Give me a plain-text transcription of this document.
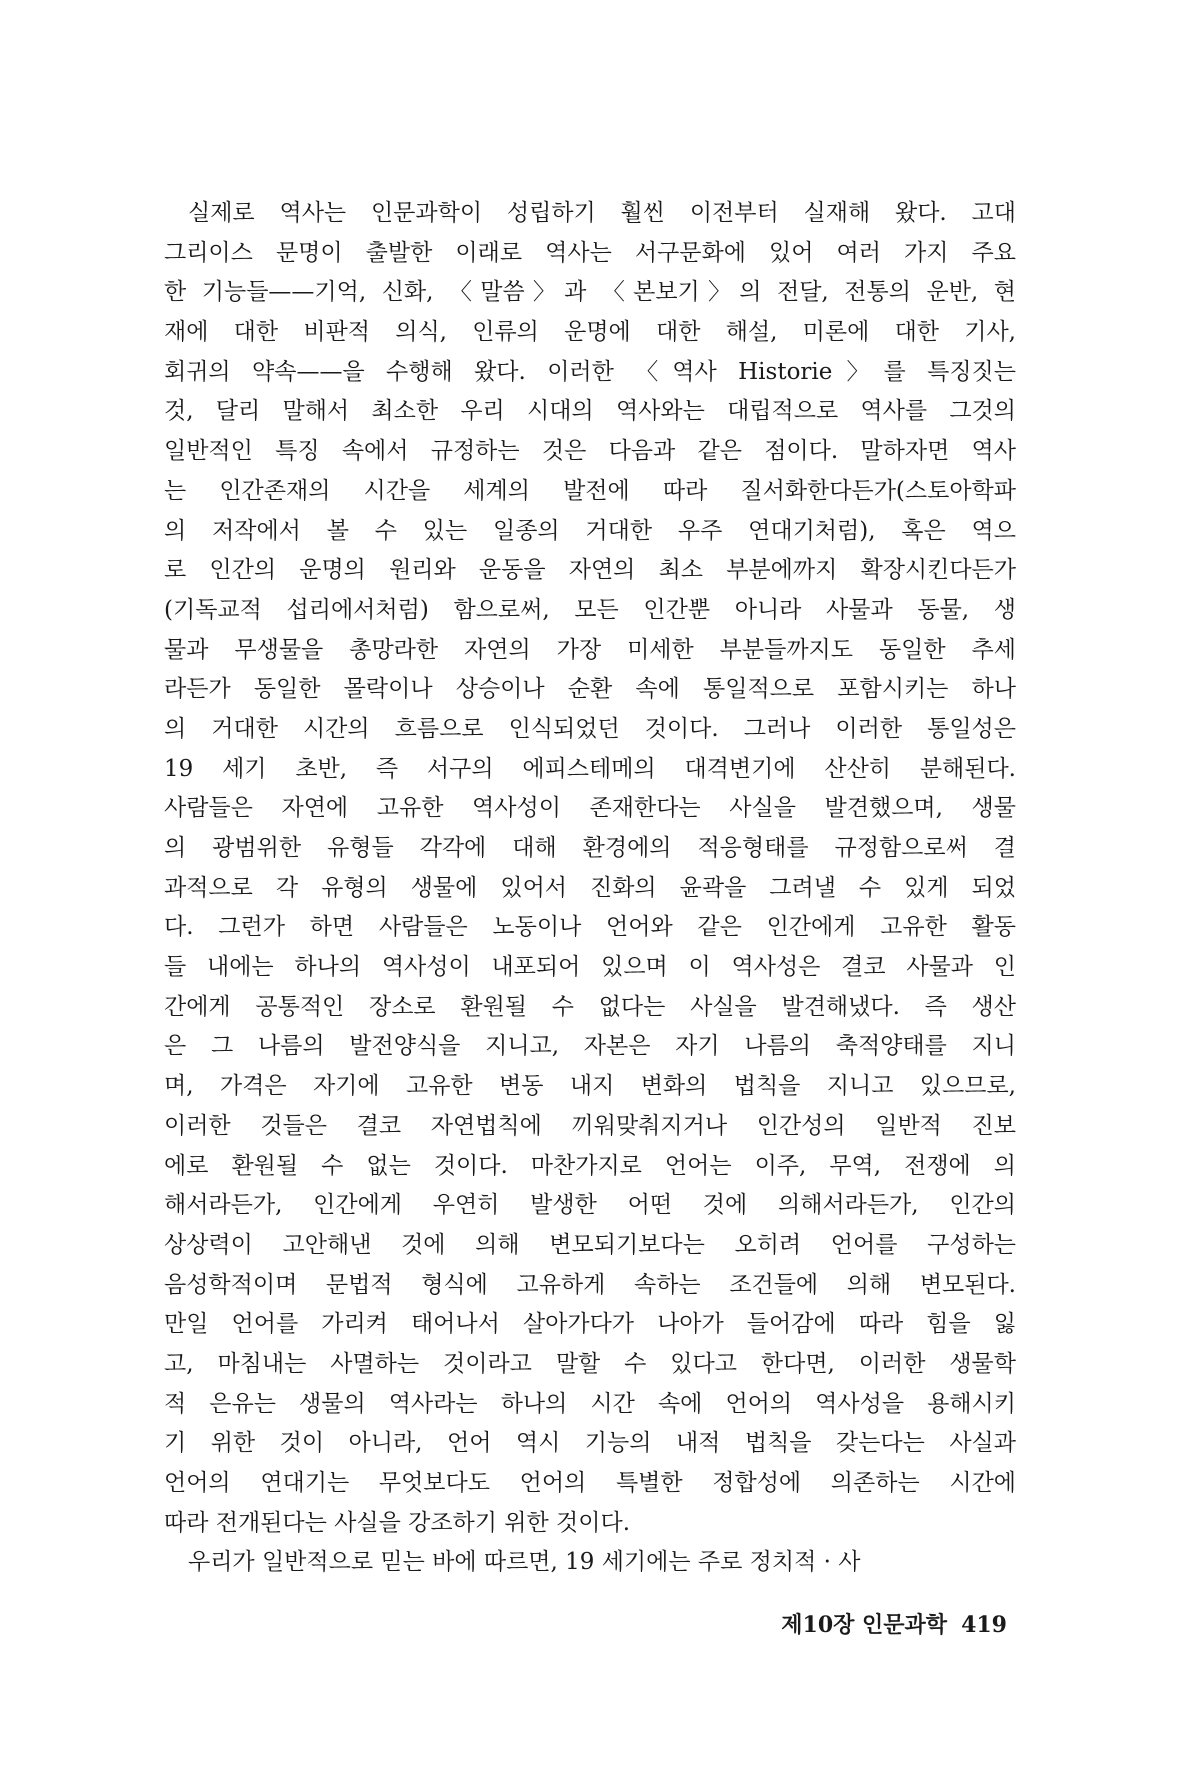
실제로 역사는 인문과학이 성립하기 훨씬 이전부터 실재해 왔다. 고대
그리이스 문명이 출발한 이래로 역사는 서구문화에 있어 여러 가지 주요
한 기능들——기억, 신화, 〈말씀〉과 〈본보기〉의 전달, 전통의 운반, 현
재에 대한 비판적 의식, 인류의 운명에 대한 해설, 미론에 대한 기사,
회귀의 약속——을 수행해 왔다. 이러한 〈역사 Historie〉를 특징짓는
것, 달리 말해서 최소한 우리 시대의 역사와는 대립적으로 역사를 그것의
일반적인 특징 속에서 규정하는 것은 다음과 같은 점이다. 말하자면 역사
는 인간존재의 시간을 세계의 발전에 따라 질서화한다든가(스토아학파
의 저작에서 볼 수 있는 일종의 거대한 우주 연대기처럼), 혹은 역으
로 인간의 운명의 원리와 운동을 자연의 최소 부분에까지 확장시킨다든가
(기독교적 섭리에서처럼) 함으로써, 모든 인간뿐 아니라 사물과 동물, 생
물과 무생물을 총망라한 자연의 가장 미세한 부분들까지도 동일한 추세
라든가 동일한 몰락이나 상승이나 순환 속에 통일적으로 포함시키는 하나
의 거대한 시간의 흐름으로 인식되었던 것이다. 그러나 이러한 통일성은
19 세기 초반, 즉 서구의 에피스테메의 대격변기에 산산히 분해된다.
사람들은 자연에 고유한 역사성이 존재한다는 사실을 발견했으며, 생물
의 광범위한 유형들 각각에 대해 환경에의 적응형태를 규정함으로써 결
과적으로 각 유형의 생물에 있어서 진화의 윤곽을 그려낼 수 있게 되었
다. 그런가 하면 사람들은 노동이나 언어와 같은 인간에게 고유한 활동
들 내에는 하나의 역사성이 내포되어 있으며 이 역사성은 결코 사물과 인
간에게 공통적인 장소로 환원될 수 없다는 사실을 발견해냈다. 즉 생산
은 그 나름의 발전양식을 지니고, 자본은 자기 나름의 축적양태를 지니
며, 가격은 자기에 고유한 변동 내지 변화의 법칙을 지니고 있으므로,
이러한 것들은 결코 자연법칙에 끼워맞춰지거나 인간성의 일반적 진보
에로 환원될 수 없는 것이다. 마찬가지로 언어는 이주, 무역, 전쟁에 의
해서라든가, 인간에게 우연히 발생한 어떤 것에 의해서라든가, 인간의
상상력이 고안해낸 것에 의해 변모되기보다는 오히려 언어를 구성하는
음성학적이며 문법적 형식에 고유하게 속하는 조건들에 의해 변모된다.
만일 언어를 가리켜 태어나서 살아가다가 나아가 들어감에 따라 힘을 잃
고, 마침내는 사멸하는 것이라고 말할 수 있다고 한다면, 이러한 생물학
적 은유는 생물의 역사라는 하나의 시간 속에 언어의 역사성을 용해시키
기 위한 것이 아니라, 언어 역시 기능의 내적 법칙을 갖는다는 사실과
언어의 연대기는 무엇보다도 언어의 특별한 정합성에 의존하는 시간에
따라 전개된다는 사실을 강조하기 위한 것이다.
우리가 일반적으로 믿는 바에 따르면, 19 세기에는 주로 정치적 · 사
제10장 인문과학 419
